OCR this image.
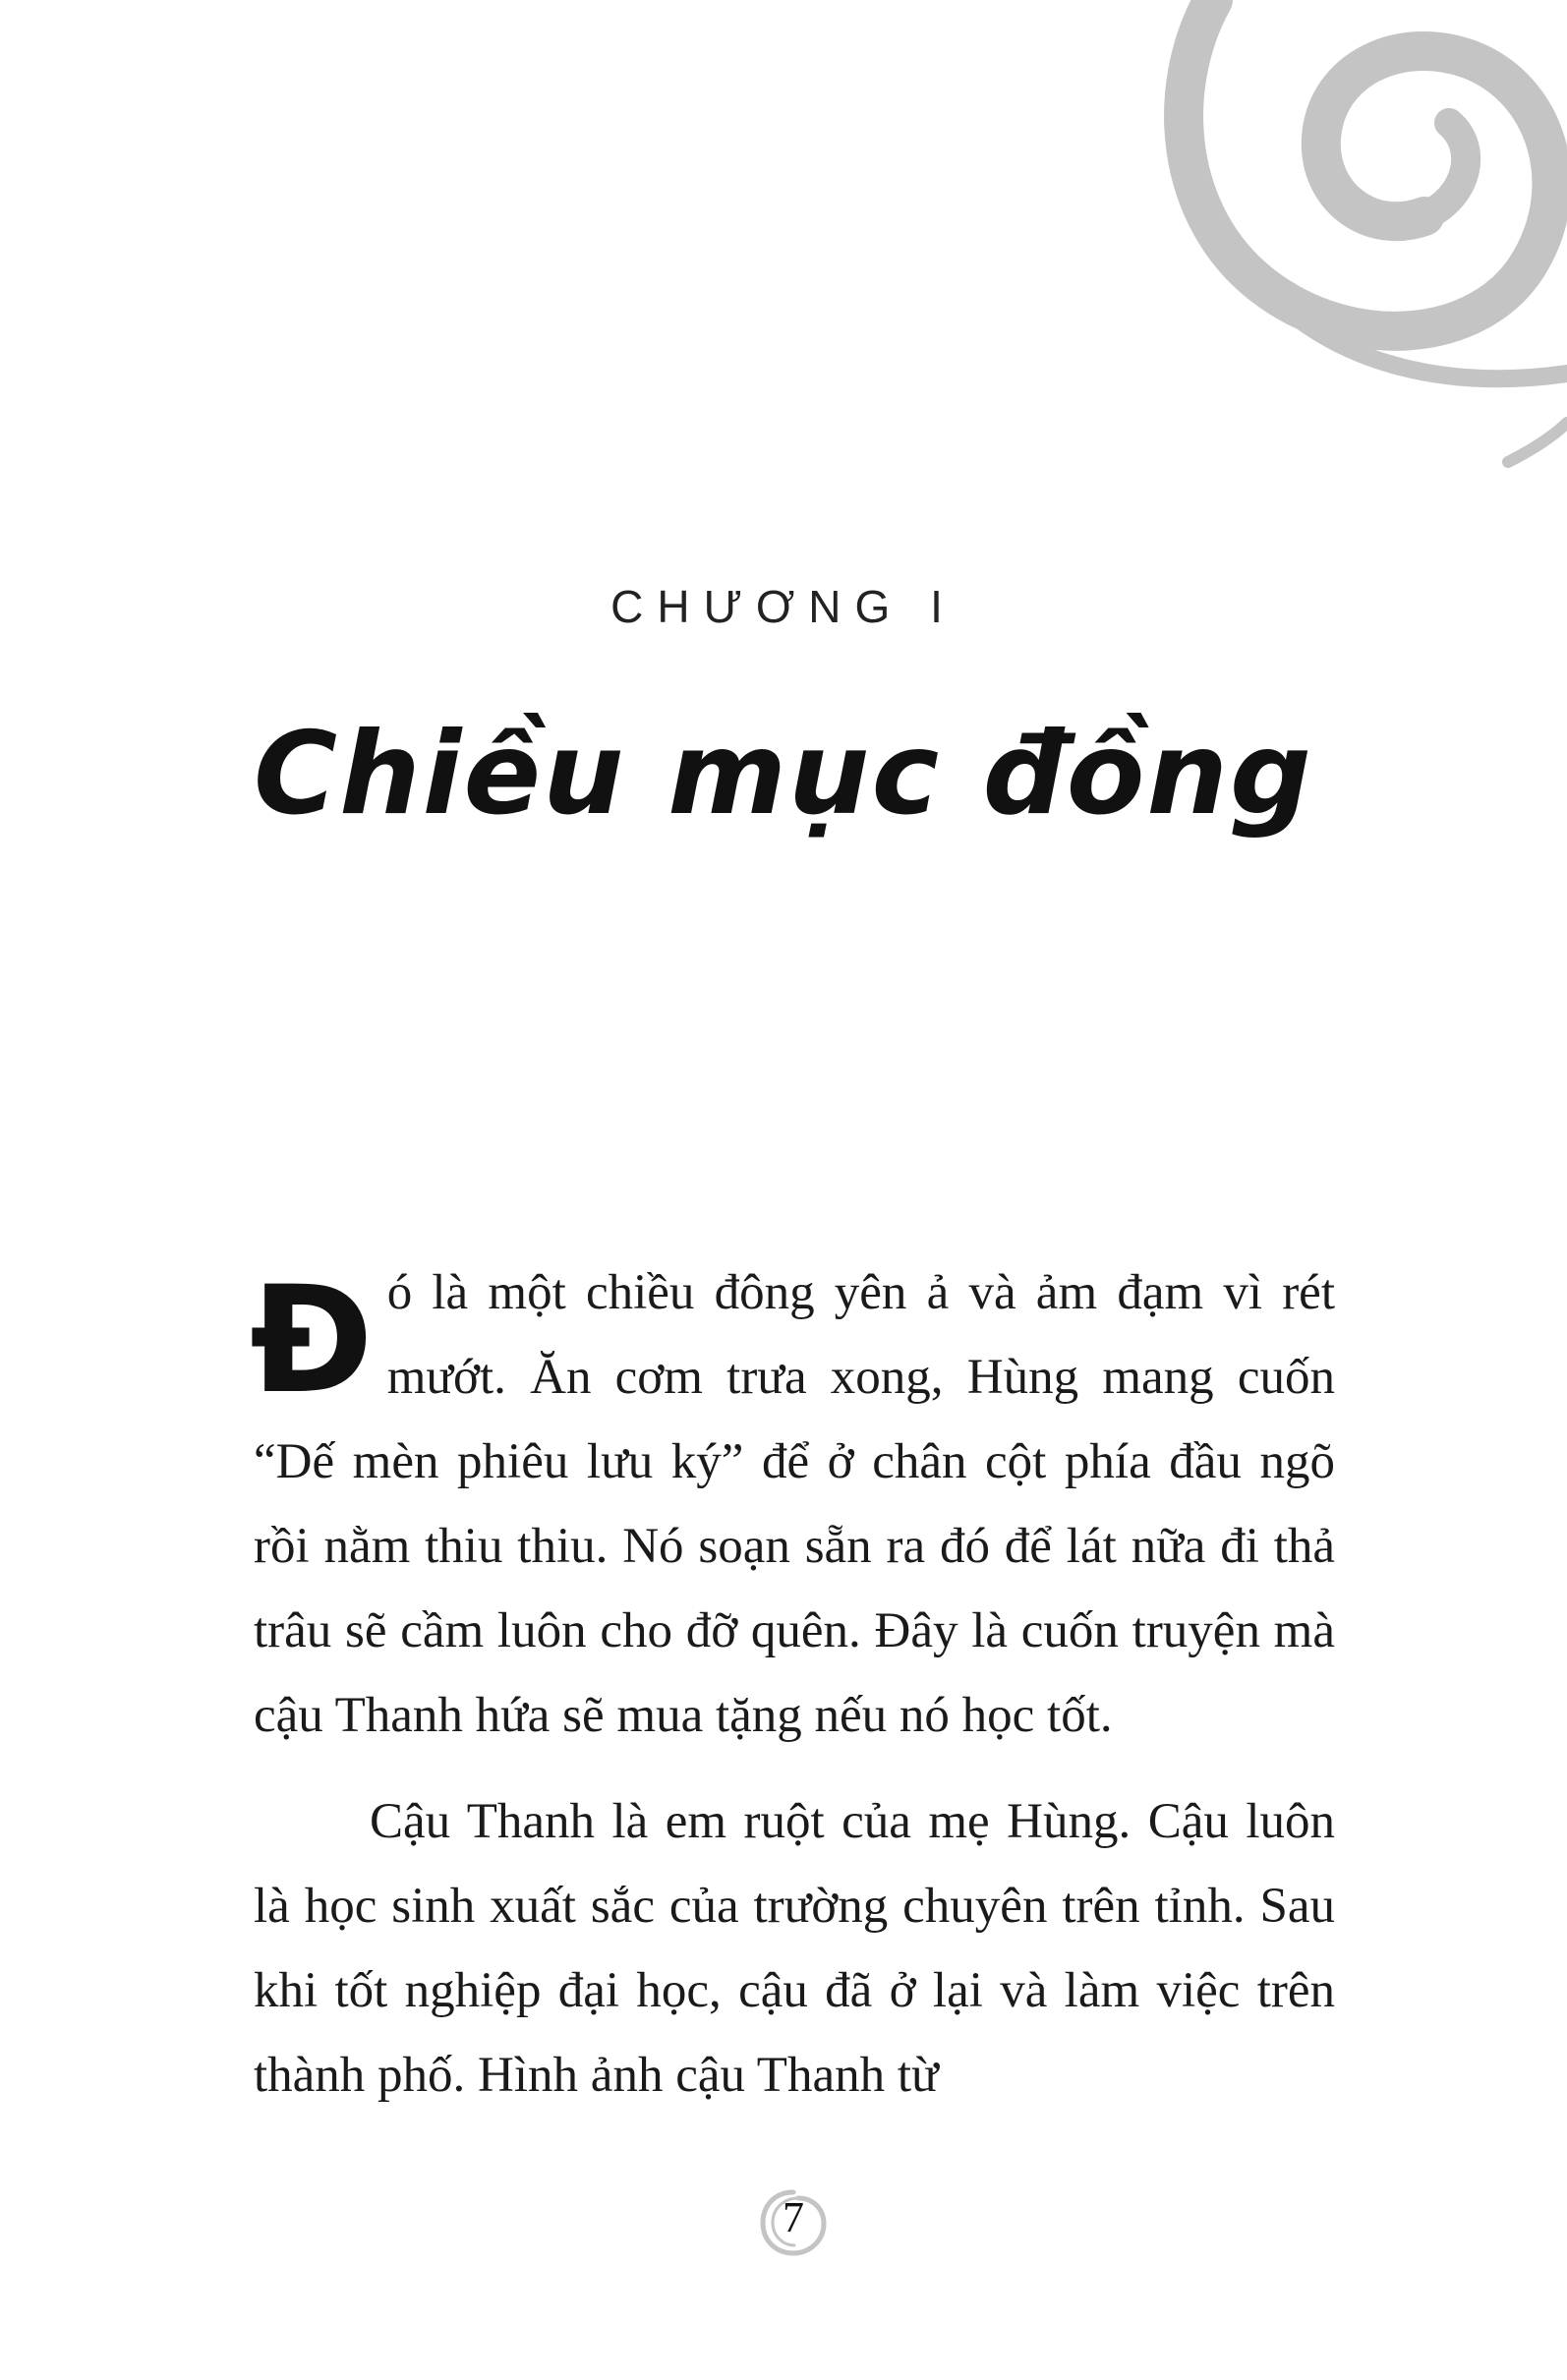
CHƯƠNG I
Chiều mục đồng

Đó là một chiều đông yên ả và ảm đạm vì rét mướt. Ăn cơm trưa xong, Hùng mang cuốn “Dế mèn phiêu lưu ký” để ở chân cột phía đầu ngõ rồi nằm thiu thiu. Nó soạn sẵn ra đó để lát nữa đi thả trâu sẽ cầm luôn cho đỡ quên. Đây là cuốn truyện mà cậu Thanh hứa sẽ mua tặng nếu nó học tốt.

Cậu Thanh là em ruột của mẹ Hùng. Cậu luôn là học sinh xuất sắc của trường chuyên trên tỉnh. Sau khi tốt nghiệp đại học, cậu đã ở lại và làm việc trên thành phố. Hình ảnh cậu Thanh từ

7
